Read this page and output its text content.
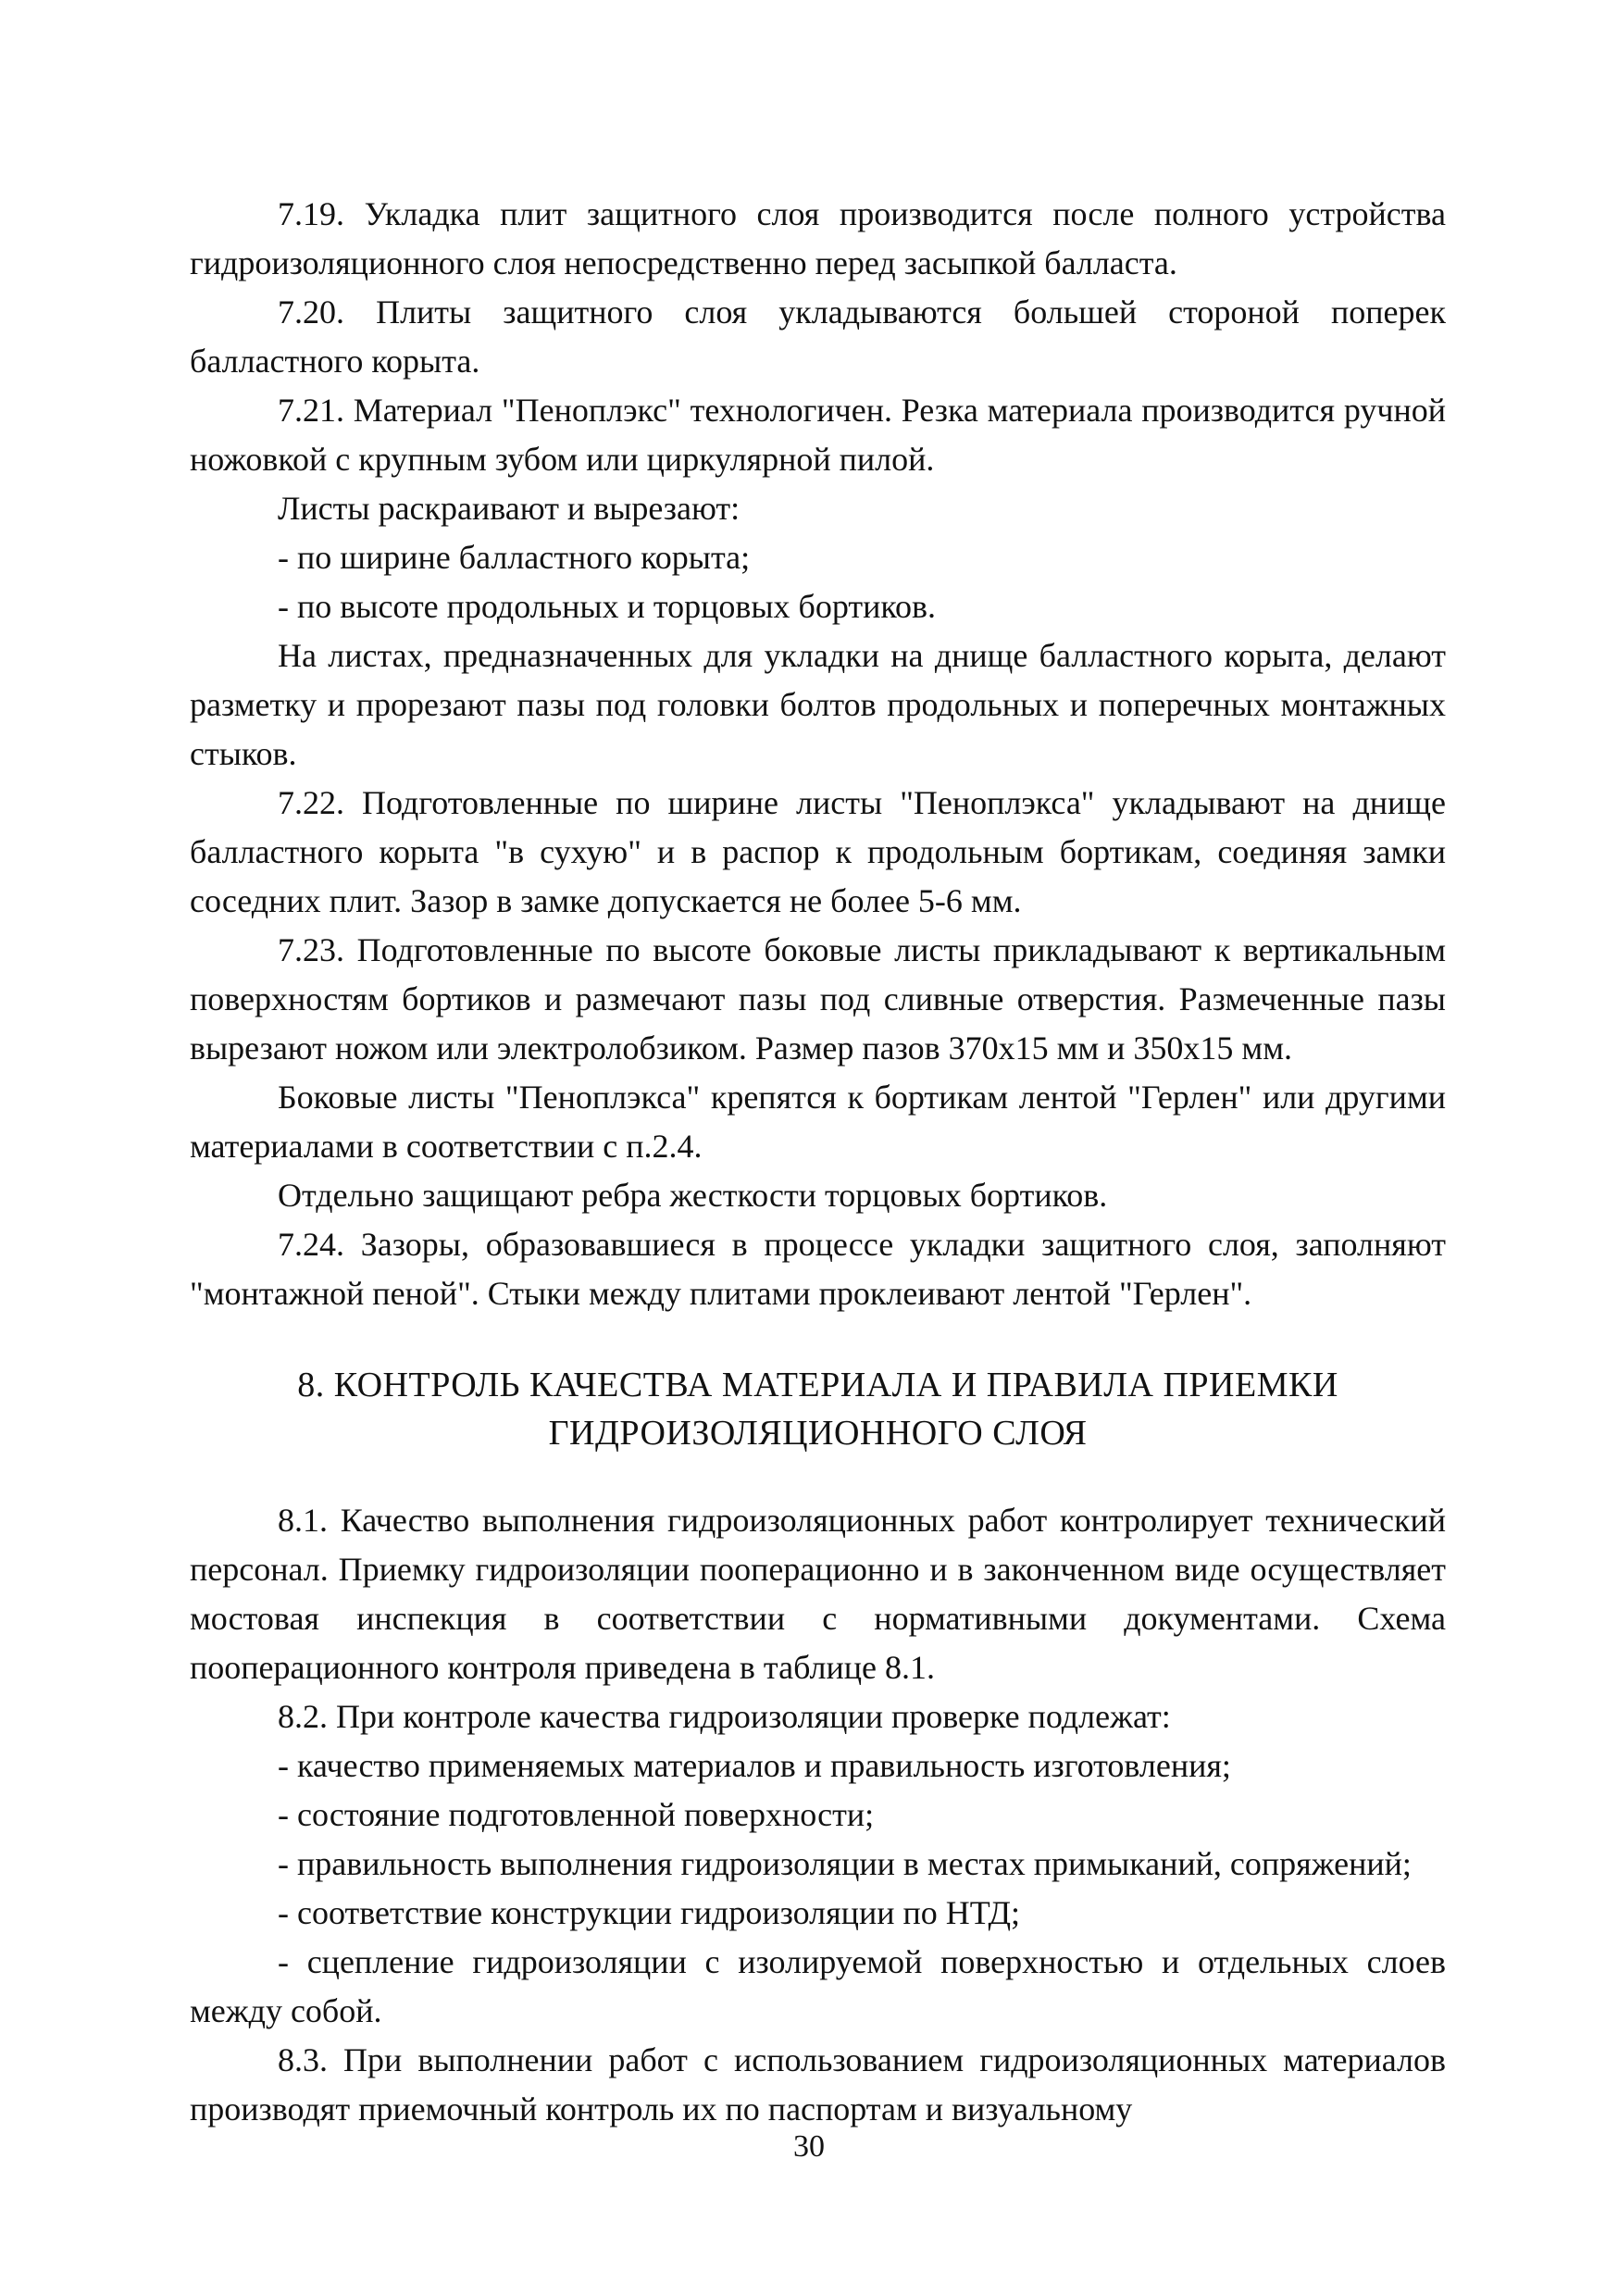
7.19. Укладка плит защитного слоя производится после полного устройства гидроизоляционного слоя непосредственно перед засыпкой балласта.

7.20. Плиты защитного слоя укладываются большей стороной поперек балластного корыта.

7.21. Материал "Пеноплэкс" технологичен. Резка материала производится ручной ножовкой с крупным зубом или циркулярной пилой.

Листы раскраивают и вырезают:

- по ширине балластного корыта;

- по высоте продольных и торцовых бортиков.

На листах, предназначенных для укладки на днище балластного корыта, делают разметку и прорезают пазы под головки болтов продольных и поперечных монтажных стыков.

7.22. Подготовленные по ширине листы "Пеноплэкса" укладывают на днище балластного корыта "в сухую" и в распор к продольным бортикам, соединяя замки соседних плит. Зазор в замке допускается не более 5-6 мм.

7.23. Подготовленные по высоте боковые листы прикладывают к вертикальным поверхностям бортиков и размечают пазы под сливные отверстия. Размеченные пазы вырезают ножом или электролобзиком. Размер пазов 370х15 мм и 350х15 мм.

Боковые листы "Пеноплэкса" крепятся к бортикам лентой "Герлен" или другими материалами в соответствии с п.2.4.

Отдельно защищают ребра жесткости торцовых бортиков.

7.24. Зазоры, образовавшиеся в процессе укладки защитного слоя, заполняют "монтажной пеной". Стыки между плитами проклеивают лентой "Герлен".

8. КОНТРОЛЬ КАЧЕСТВА МАТЕРИАЛА И ПРАВИЛА ПРИЕМКИ
ГИДРОИЗОЛЯЦИОННОГО СЛОЯ

8.1. Качество выполнения гидроизоляционных работ контролирует технический персонал. Приемку гидроизоляции пооперационно и в законченном виде осуществляет мостовая инспекция в соответствии с нормативными документами. Схема пооперационного контроля приведена в таблице 8.1.

8.2. При контроле качества гидроизоляции проверке подлежат:

- качество применяемых материалов и правильность изготовления;

- состояние подготовленной поверхности;

- правильность выполнения гидроизоляции в местах примыканий, сопряжений;

- соответствие конструкции гидроизоляции по НТД;

- сцепление гидроизоляции с изолируемой поверхностью и отдельных слоев между собой.

8.3. При выполнении работ с использованием гидроизоляционных материалов производят приемочный контроль их по паспортам и визуальному

30
